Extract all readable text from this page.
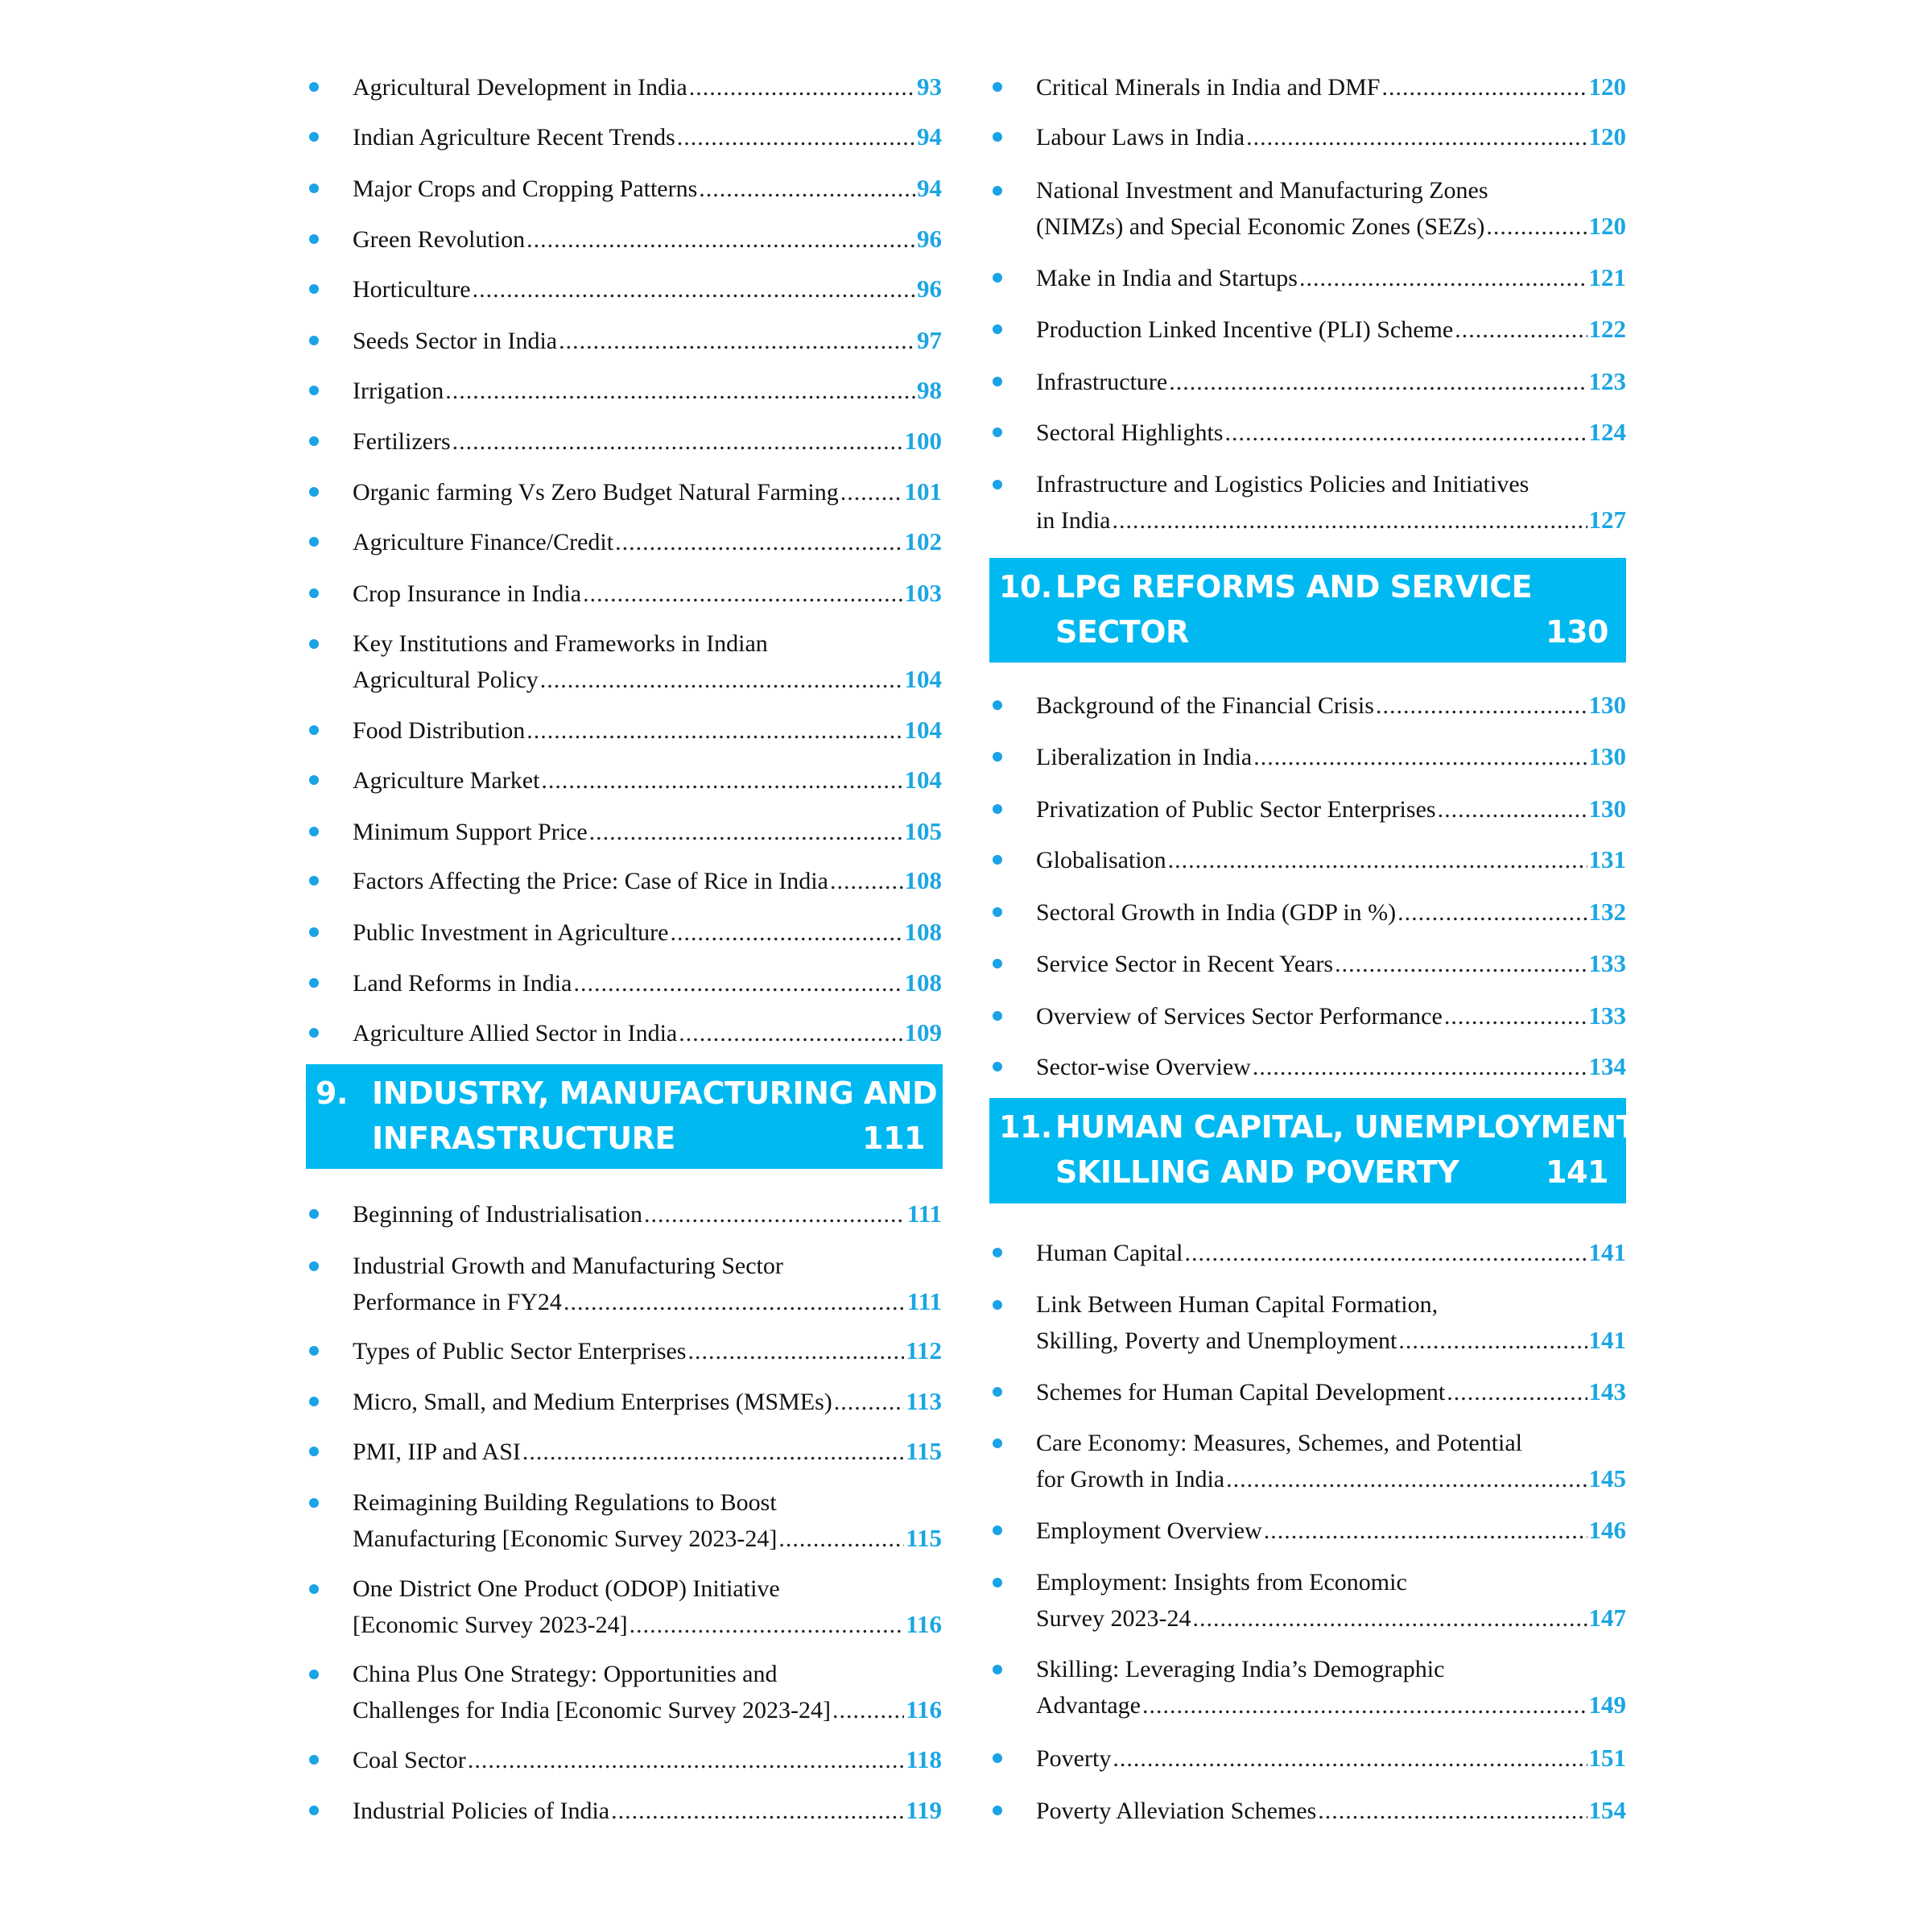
Agricultural Development in India .....	93
Indian Agriculture Recent Trends .....	94
Major Crops and Cropping Patterns .....	94
Green Revolution .....	96
Horticulture .....	96
Seeds Sector in India .....	97
Irrigation .....	98
Fertilizers .....	100
Organic farming Vs Zero Budget Natural Farming .....	101
Agriculture Finance/Credit .....	102
Crop Insurance in India .....	103
Key Institutions and Frameworks in Indian
Agricultural Policy .....	104
Food Distribution .....	104
Agriculture Market .....	104
Minimum Support Price .....	105
Factors Affecting the Price: Case of Rice in India .....	108
Public Investment in Agriculture .....	108
Land Reforms in India .....	108
Agriculture Allied Sector in India .....	109
9. INDUSTRY, MANUFACTURING AND
INFRASTRUCTURE	111
Beginning of Industrialisation .....	111
Industrial Growth and Manufacturing Sector
Performance in FY24 .....	111
Types of Public Sector Enterprises .....	112
Micro, Small, and Medium Enterprises (MSMEs) .....	113
PMI, IIP and ASI .....	115
Reimagining Building Regulations to Boost
Manufacturing [Economic Survey 2023-24] .....	115
One District One Product (ODOP) Initiative
[Economic Survey 2023-24] .....	116
China Plus One Strategy: Opportunities and
Challenges for India [Economic Survey 2023-24] .....	116
Coal Sector .....	118
Industrial Policies of India .....	119
Critical Minerals in India and DMF .....	120
Labour Laws in India .....	120
National Investment and Manufacturing Zones
(NIMZs) and Special Economic Zones (SEZs) .....	120
Make in India and Startups .....	121
Production Linked Incentive (PLI) Scheme .....	122
Infrastructure .....	123
Sectoral Highlights .....	124
Infrastructure and Logistics Policies and Initiatives
in India .....	127
10. LPG REFORMS AND SERVICE
SECTOR	130
Background of the Financial Crisis .....	130
Liberalization in India .....	130
Privatization of Public Sector Enterprises .....	130
Globalisation .....	131
Sectoral Growth in India (GDP in %) .....	132
Service Sector in Recent Years .....	133
Overview of Services Sector Performance .....	133
Sector-wise Overview .....	134
11. HUMAN CAPITAL, UNEMPLOYMENT,
SKILLING AND POVERTY	141
Human Capital .....	141
Link Between Human Capital Formation,
Skilling, Poverty and Unemployment .....	141
Schemes for Human Capital Development .....	143
Care Economy: Measures, Schemes, and Potential
for Growth in India .....	145
Employment Overview .....	146
Employment: Insights from Economic
Survey 2023-24 .....	147
Skilling: Leveraging India’s Demographic
Advantage .....	149
Poverty .....	151
Poverty Alleviation Schemes .....	154
